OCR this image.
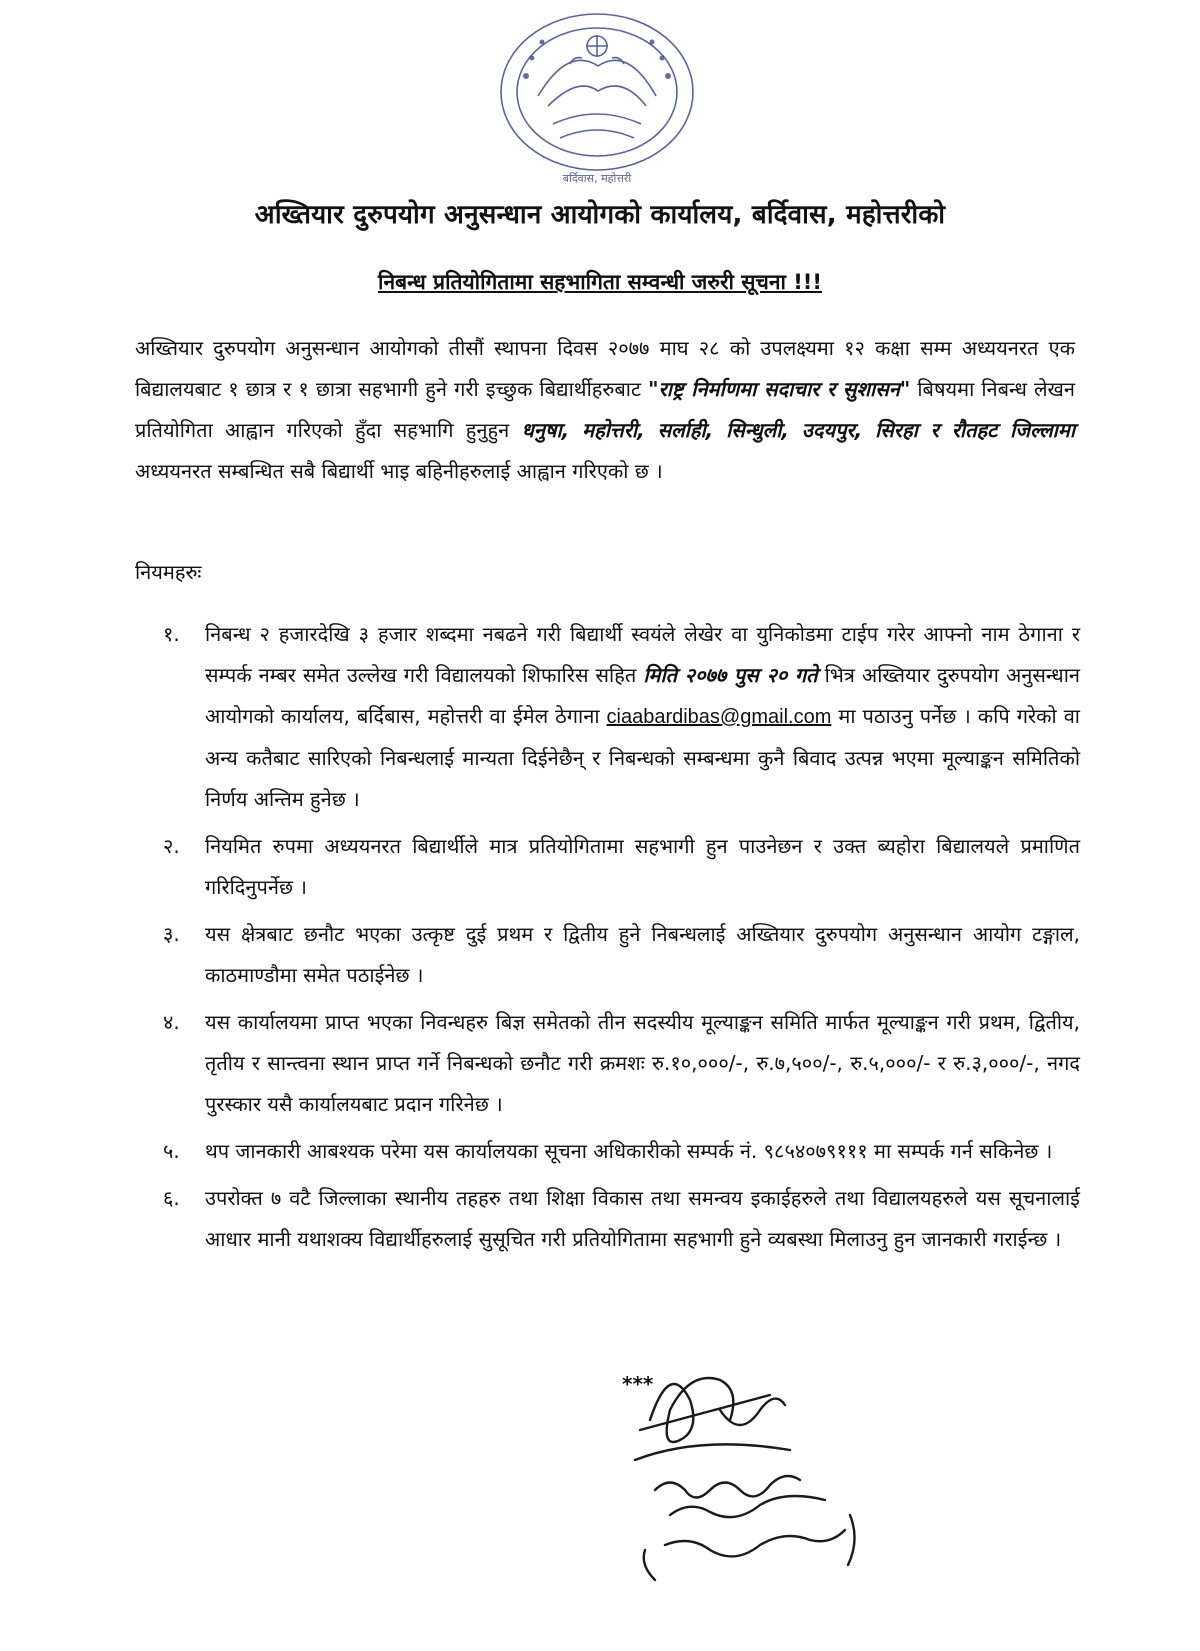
बर्दिवास, महोत्तरी
अख्तियार दुरुपयोग अनुसन्धान आयोगको कार्यालय, बर्दिवास, महोत्तरीको
निबन्ध प्रतियोगितामा सहभागिता सम्वन्धी जरुरी सूचना !!!
अख्तियार दुरुपयोग अनुसन्धान आयोगको तीसौं स्थापना दिवस २०७७ माघ २८ को उपलक्ष्यमा १२ कक्षा सम्म अध्ययनरत एक बिद्यालयबाट १ छात्र र १ छात्रा सहभागी हुने गरी इच्छुक बिद्यार्थीहरुबाट "राष्ट्र निर्माणमा सदाचार र सुशासन" बिषयमा निबन्ध लेखन प्रतियोगिता आह्वान गरिएको हुँदा सहभागि हुनुहुन धनुषा, महोत्तरी, सर्लाही, सिन्धुली, उदयपुर, सिरहा र रौतहट जिल्लामा अध्ययनरत सम्बन्धित सबै बिद्यार्थी भाइ बहिनीहरुलाई आह्वान गरिएको छ ।
नियमहरुः
१. निबन्ध २ हजारदेखि ३ हजार शब्दमा नबढने गरी बिद्यार्थी स्वयंले लेखेर वा युनिकोडमा टाईप गरेर आफ्नो नाम ठेगाना र सम्पर्क नम्बर समेत उल्लेख गरी विद्यालयको शिफारिस सहित मिति २०७७ पुस २० गते भित्र अख्तियार दुरुपयोग अनुसन्धान आयोगको कार्यालय, बर्दिबास, महोत्तरी वा ईमेल ठेगाना ciaabardibas@gmail.com मा पठाउनु पर्नेछ । कपि गरेको वा अन्य कतैबाट सारिएको निबन्धलाई मान्यता दिईनेछैन् र निबन्धको सम्बन्धमा कुनै बिवाद उत्पन्न भएमा मूल्याङ्कन समितिको निर्णय अन्तिम हुनेछ ।
२. नियमित रुपमा अध्ययनरत बिद्यार्थीले मात्र प्रतियोगितामा सहभागी हुन पाउनेछन र उक्त ब्यहोरा बिद्यालयले प्रमाणित गरिदिनुपर्नेछ ।
३. यस क्षेत्रबाट छनौट भएका उत्कृष्ट दुई प्रथम र द्वितीय हुने निबन्धलाई अख्तियार दुरुपयोग अनुसन्धान आयोग टङ्गाल, काठमाण्डौमा समेत पठाईनेछ ।
४. यस कार्यालयमा प्राप्त भएका निवन्धहरु बिज्ञ समेतको तीन सदस्यीय मूल्याङ्कन समिति मार्फत मूल्याङ्कन गरी प्रथम, द्वितीय, तृतीय र सान्त्वना स्थान प्राप्त गर्ने निबन्धको छनौट गरी क्रमशः रु.१०,०००/-, रु.७,५००/-, रु.५,०००/- र रु.३,०००/-, नगद पुरस्कार यसै कार्यालयबाट प्रदान गरिनेछ ।
५. थप जानकारी आबश्यक परेमा यस कार्यालयका सूचना अधिकारीको सम्पर्क नं. ९८५४०७९१११ मा सम्पर्क गर्न सकिनेछ ।
६. उपरोक्त ७ वटै जिल्लाका स्थानीय तहहरु तथा शिक्षा विकास तथा समन्वय इकाईहरुले तथा विद्यालयहरुले यस सूचनालाई आधार मानी यथाशक्य विद्यार्थीहरुलाई सुसूचित गरी प्रतियोगितामा सहभागी हुने व्यबस्था मिलाउनु हुन जानकारी गराईन्छ ।
***
